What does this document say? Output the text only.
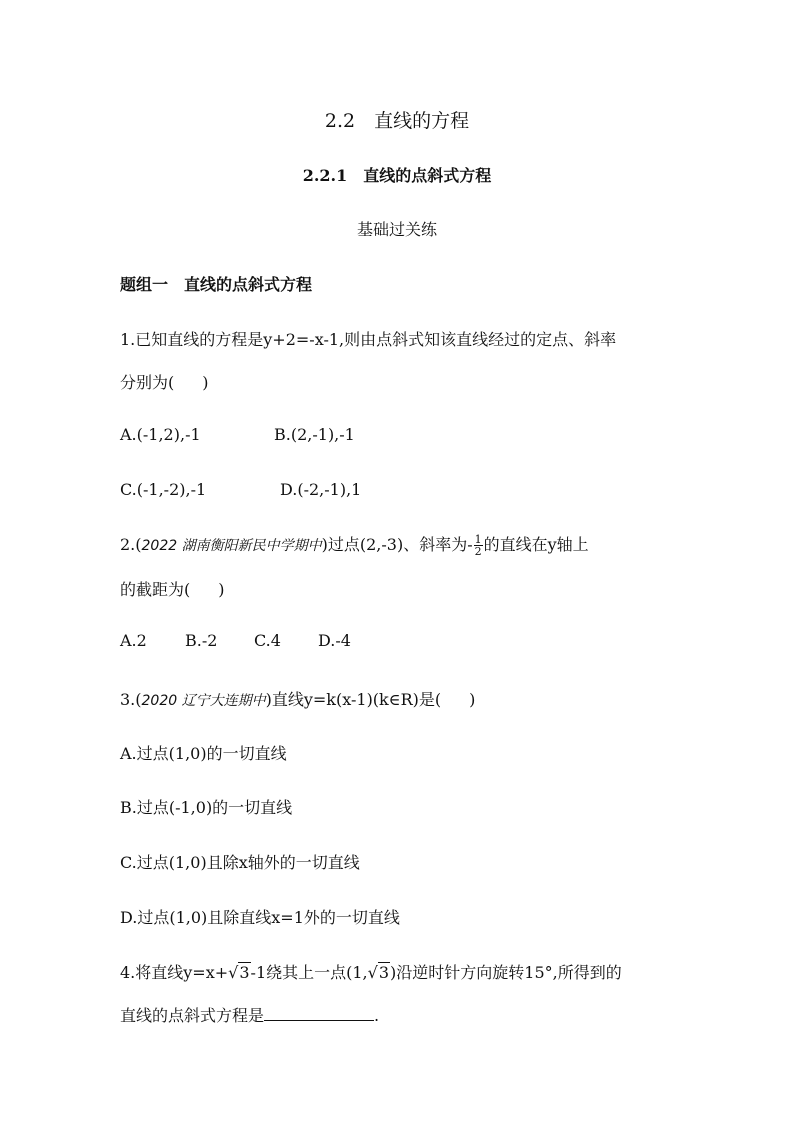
2.2　直线的方程
2.2.1　直线的点斜式方程
基础过关练
题组一　直线的点斜式方程
1.已知直线的方程是y+2=-x-1,则由点斜式知该直线经过的定点、斜率
分别为( )
A.(-1,2),-1	B.(2,-1),-1
C.(-1,-2),-1	D.(-2,-1),1
2.(2022 湖南衡阳新民中学期中)过点(2,-3)、斜率为- $\frac{1}{2}$ 的直线在y轴上
的截距为( )
A.2 B.-2 C.4 D.-4
3.(2020 辽宁大连期中)直线y=k(x-1)(k∈R)是( )
A.过点(1,0)的一切直线
B.过点(-1,0)的一切直线
C.过点(1,0)且除x轴外的一切直线
D.过点(1,0)且除直线x=1外的一切直线
4.将直线y=x+√3-1绕其上一点(1,√3)沿逆时针方向旋转15°,所得到的
直线的点斜式方程是	.
